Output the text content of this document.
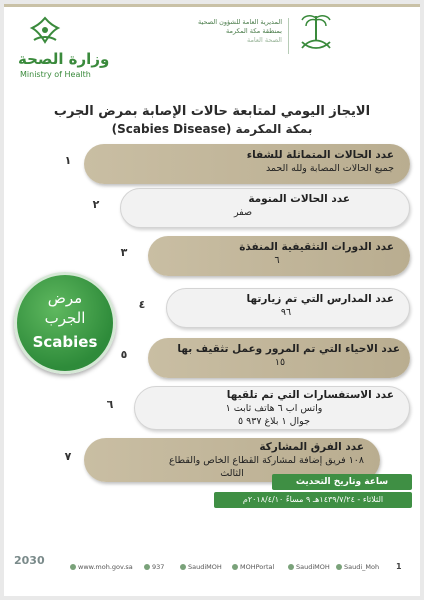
وزارة الصحة
Ministry of Health
المديرية العامة للشؤون الصحية
بمنطقة مكة المكرمة
الصحة العامة
الايجاز اليومي لمتابعة حالات الإصابة بمرض الجرب
بمكة المكرمة (Scabies Disease)
١	عدد الحالات المتماثلة للشفاء
جميع الحالات المصابة ولله الحمد
٢	عدد الحالات المنومة
صفر
٣	عدد الدورات التثقيفية المنفذة
٦
٤	عدد المدارس التي تم زيارتها
٩٦
٥	عدد الاحياء التي تم المرور وعمل تثقيف بها
١٥
٦
عدد الاستفسارات التي تم تلقيها
واتس اب ٦ هاتف ثابت ١
جوال ١ بلاغ ٩٣٧ ٥
٧
عدد الفرق المشاركة
١٠٨ فريق إضافة لمشاركة القطاع الخاص والقطاع
الثالث
مرض
الجرب
Scabies
ساعة وتاريخ التحديث
الثلاثاء - ١٤٣٩/٧/٢٤هـ ٩ مساءً ٢٠١٨/٤/١٠م
2030	www.moh.gov.sa	937	SaudiMOH	MOHPortal	SaudiMOH	Saudi_Moh 1
